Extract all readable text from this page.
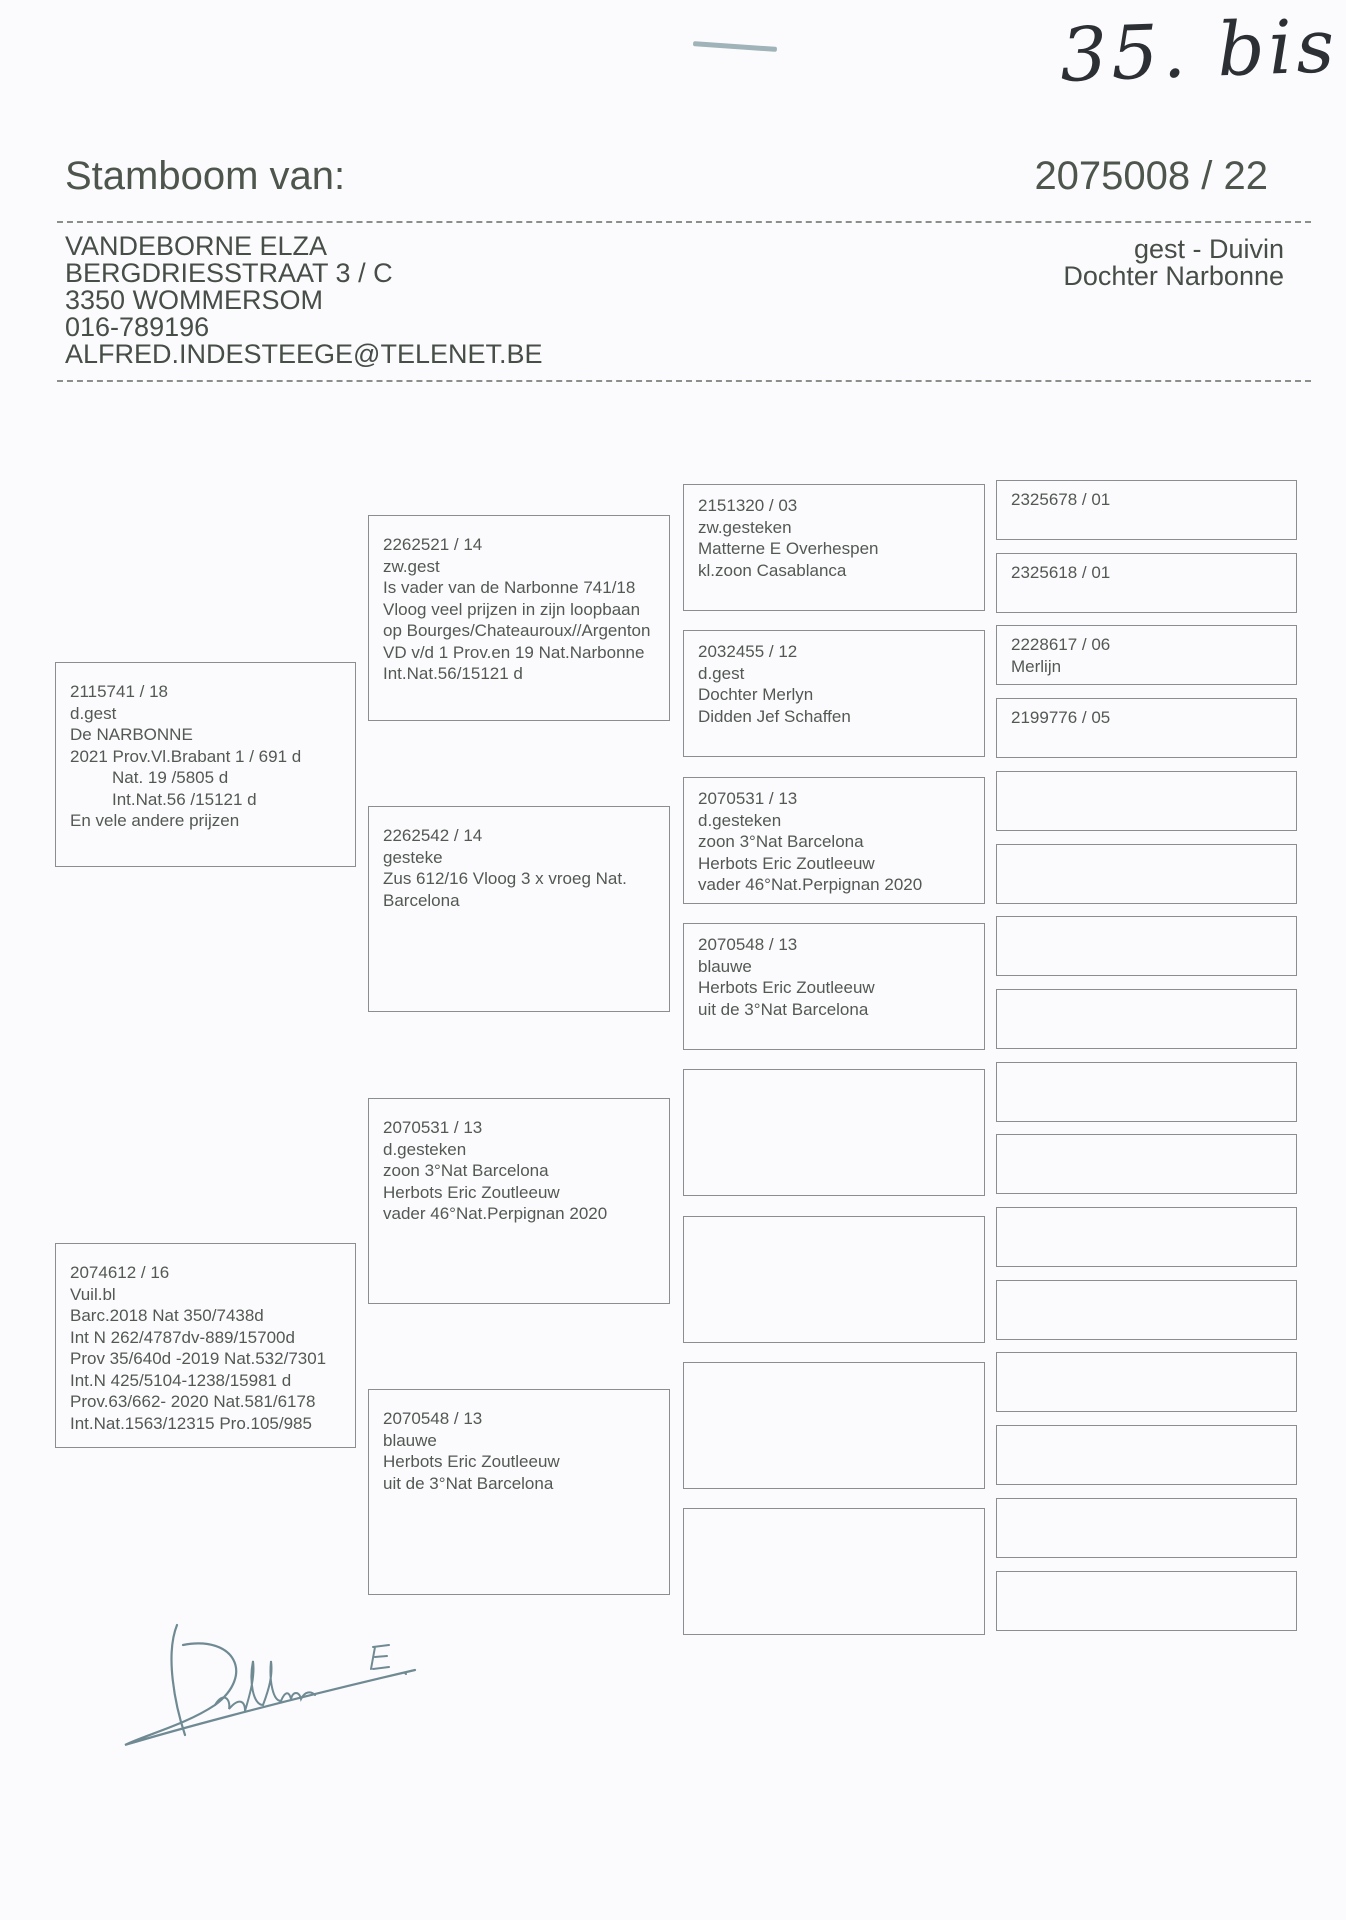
35. bis
Stamboom van:	2075008 / 22
VANDEBORNE ELZA
BERGDRIESSTRAAT 3 / C
3350 WOMMERSOM
016-789196
ALFRED.INDESTEEGE@TELENET.BE
gest - Duivin
Dochter Narbonne
2115741 / 18
d.gest
De NARBONNE
2021 Prov.Vl.Brabant 1 / 691 d
Nat. 19 /5805 d
Int.Nat.56 /15121 d
En vele andere prijzen
2074612 / 16
Vuil.bl
Barc.2018 Nat 350/7438d
Int N 262/4787dv-889/15700d
Prov 35/640d -2019 Nat.532/7301
Int.N 425/5104-1238/15981 d
Prov.63/662- 2020 Nat.581/6178
Int.Nat.1563/12315 Pro.105/985
2262521 / 14
zw.gest
Is vader van de Narbonne 741/18
Vloog veel prijzen in zijn loopbaan
op Bourges/Chateauroux//Argenton
VD v/d 1 Prov.en 19 Nat.Narbonne
Int.Nat.56/15121 d
2262542 / 14
gesteke
Zus 612/16 Vloog 3 x vroeg Nat.
Barcelona
2070531 / 13
d.gesteken
zoon 3°Nat Barcelona
Herbots Eric Zoutleeuw
vader 46°Nat.Perpignan 2020
2070548 / 13
blauwe
Herbots Eric Zoutleeuw
uit de 3°Nat Barcelona
2151320 / 03
zw.gesteken
Matterne E Overhespen
kl.zoon Casablanca
2032455 / 12
d.gest
Dochter Merlyn
Didden Jef Schaffen
2070531 / 13
d.gesteken
zoon 3°Nat Barcelona
Herbots Eric Zoutleeuw
vader 46°Nat.Perpignan 2020
2070548 / 13
blauwe
Herbots Eric Zoutleeuw
uit de 3°Nat Barcelona
2325678 / 01
2325618 / 01
2228617 / 06
Merlijn
2199776 / 05
